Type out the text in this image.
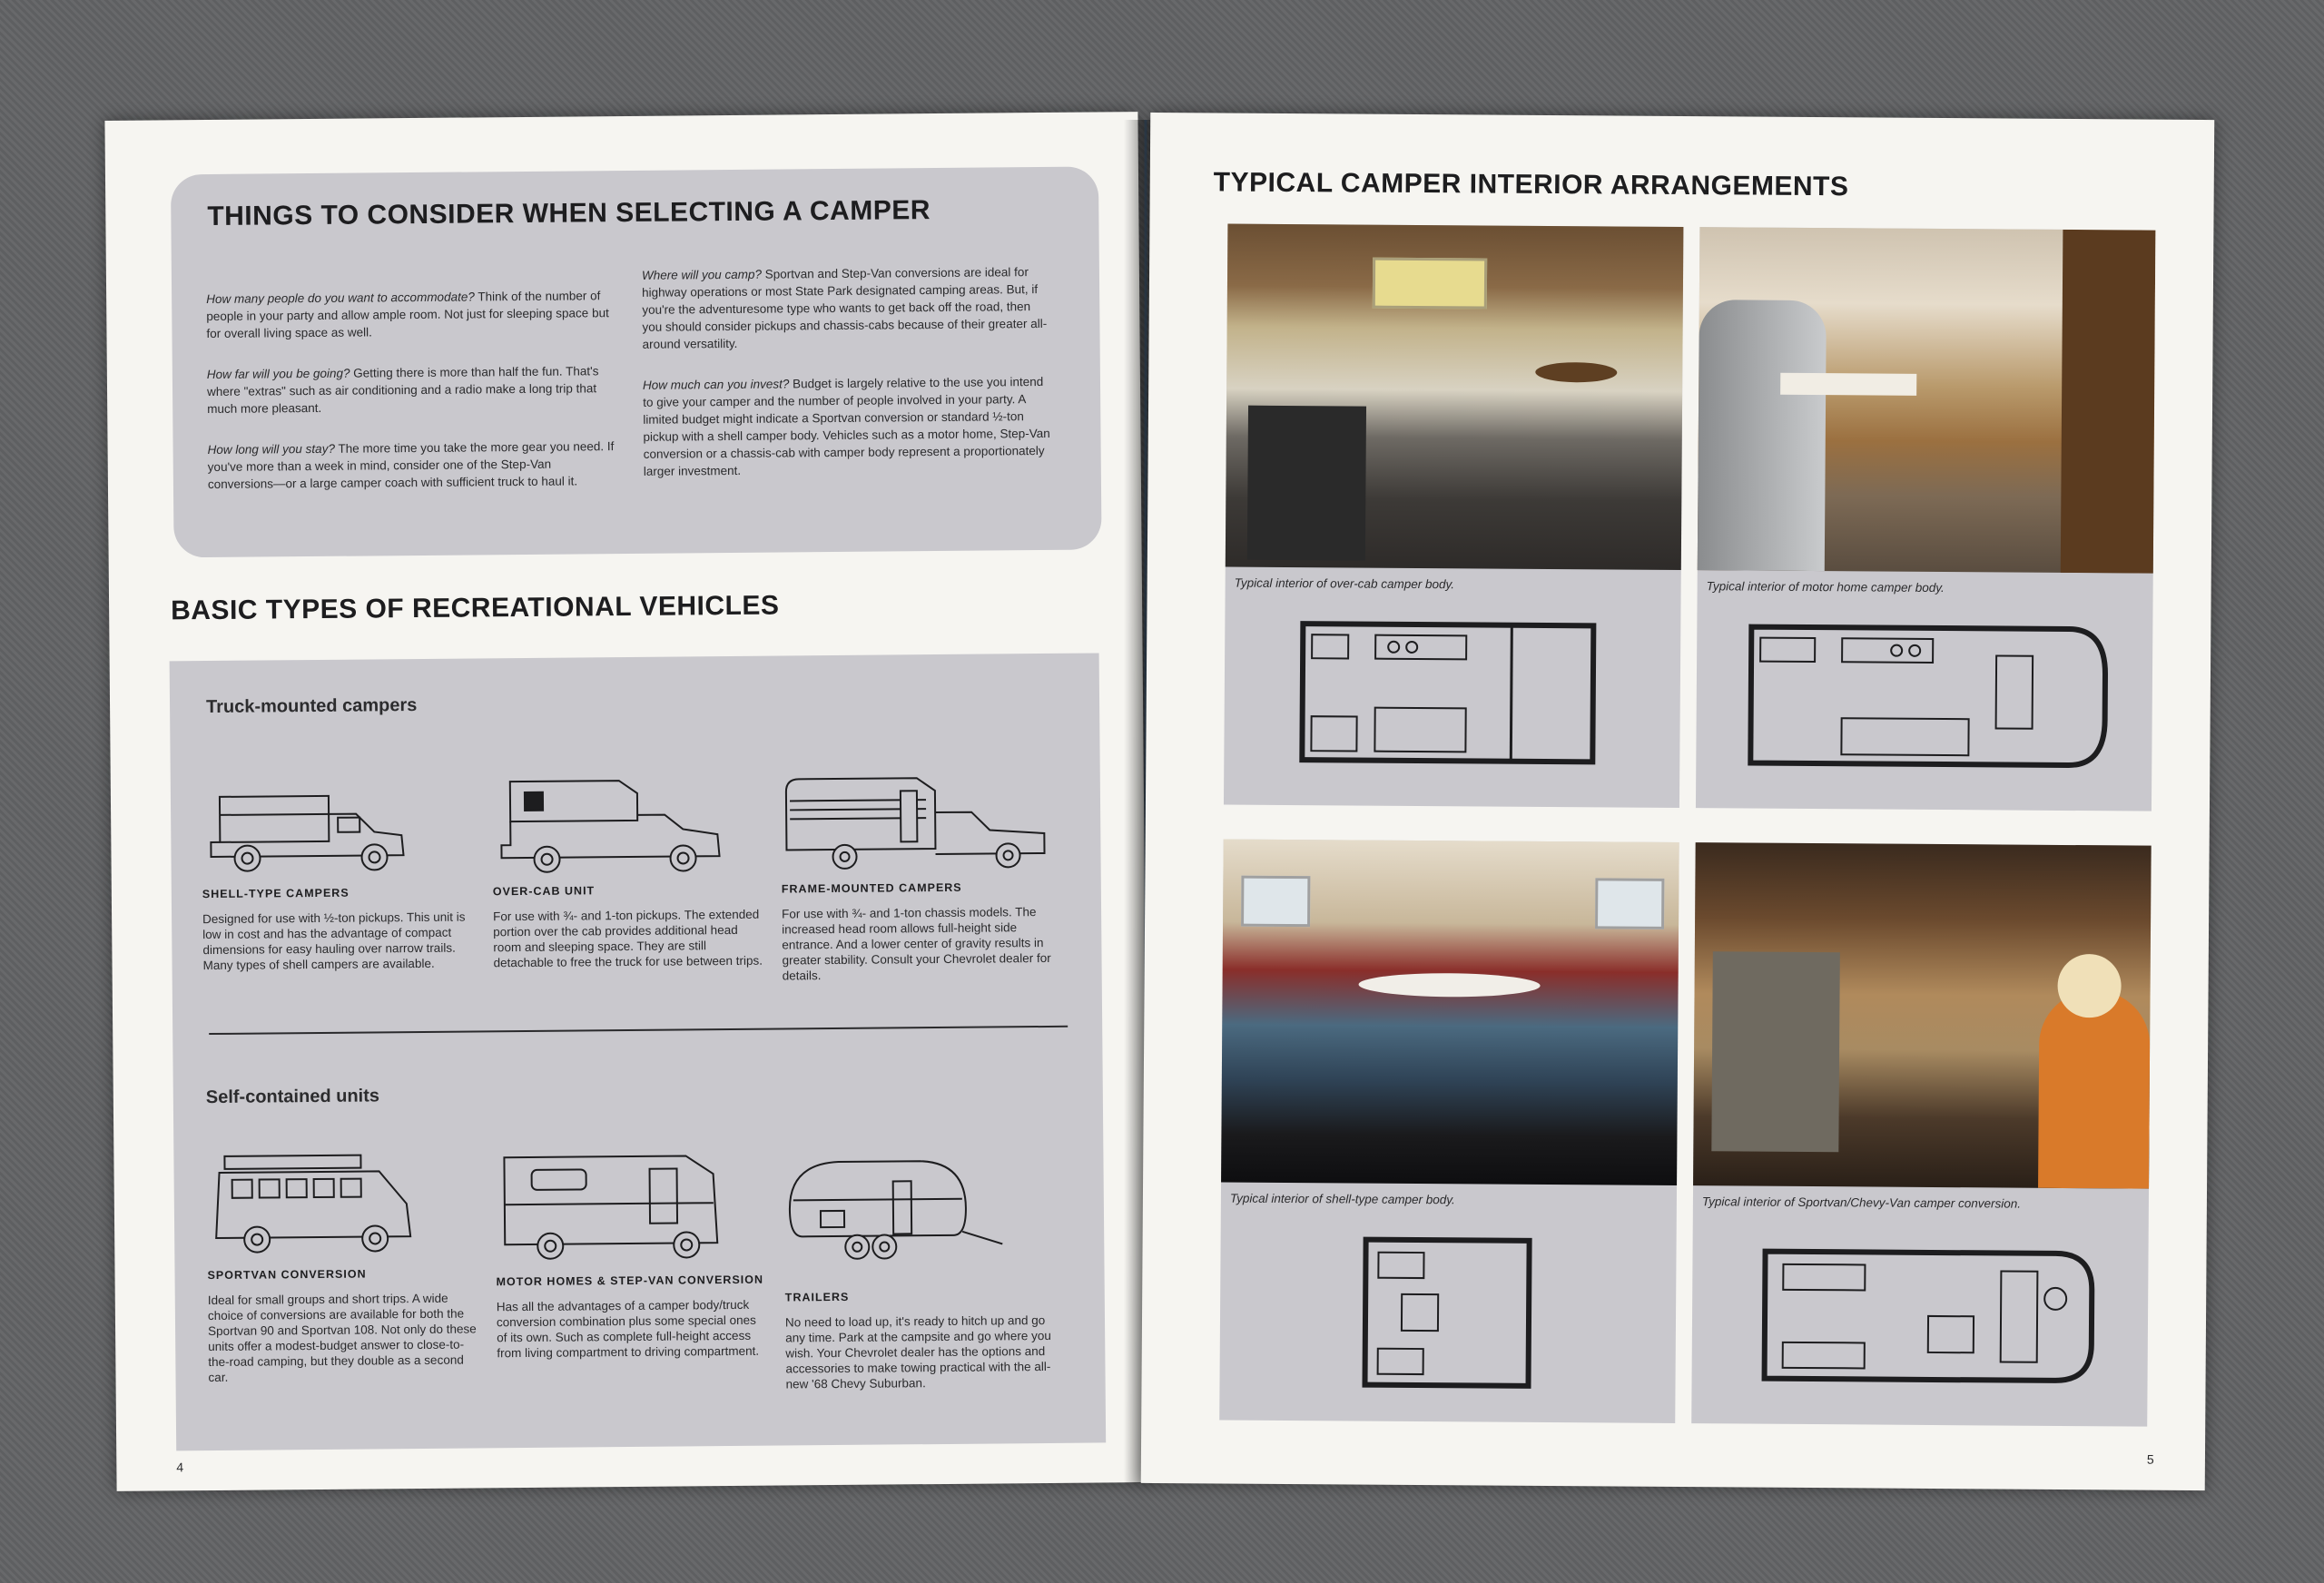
THINGS TO CONSIDER WHEN SELECTING A CAMPER

How many people do you want to accommodate? Think of the number of people in your party and allow ample room. Not just for sleeping space but for overall living space as well.

How far will you be going? Getting there is more than half the fun. That's where "extras" such as air conditioning and a radio make a long trip that much more pleasant.

How long will you stay? The more time you take the more gear you need. If you've more than a week in mind, consider one of the Step-Van conversions—or a large camper coach with sufficient truck to haul it.

Where will you camp? Sportvan and Step-Van conversions are ideal for highway operations or most State Park designated camping areas. But, if you're the adventuresome type who wants to get back off the road, then you should consider pickups and chassis-cabs because of their greater all-around versatility.

How much can you invest? Budget is largely relative to the use you intend to give your camper and the number of people involved in your party. A limited budget might indicate a Sportvan conversion or standard ½-ton pickup with a shell camper body. Vehicles such as a motor home, Step-Van conversion or a chassis-cab with camper body represent a proportionately larger investment.

BASIC TYPES OF RECREATIONAL VEHICLES
Truck-mounted campers
SHELL-TYPE CAMPERS

Designed for use with ½-ton pickups. This unit is low in cost and has the advantage of compact dimensions for easy hauling over narrow trails. Many types of shell campers are available.

OVER-CAB UNIT

For use with ¾- and 1-ton pickups. The extended portion over the cab provides additional head room and sleeping space. They are still detachable to free the truck for use between trips.

FRAME-MOUNTED CAMPERS

For use with ¾- and 1-ton chassis models. The increased head room allows full-height side entrance. And a lower center of gravity results in greater stability. Consult your Chevrolet dealer for details.

Self-contained units
SPORTVAN CONVERSION

Ideal for small groups and short trips. A wide choice of conversions are available for both the Sportvan 90 and Sportvan 108. Not only do these units offer a modest-budget answer to close-to-the-road camping, but they double as a second car.

MOTOR HOMES & STEP-VAN CONVERSION

Has all the advantages of a camper body/truck conversion combination plus some special ones of its own. Such as complete full-height access from living compartment to driving compartment.

TRAILERS

No need to load up, it's ready to hitch up and go any time. Park at the campsite and go where you wish. Your Chevrolet dealer has the options and accessories to make towing practical with the all-new '68 Chevy Suburban.

4
TYPICAL CAMPER INTERIOR ARRANGEMENTS
Typical interior of over-cab camper body.	Typical interior of motor home camper body.
Typical interior of shell-type camper body.	Typical interior of Sportvan/Chevy-Van camper conversion.
5
